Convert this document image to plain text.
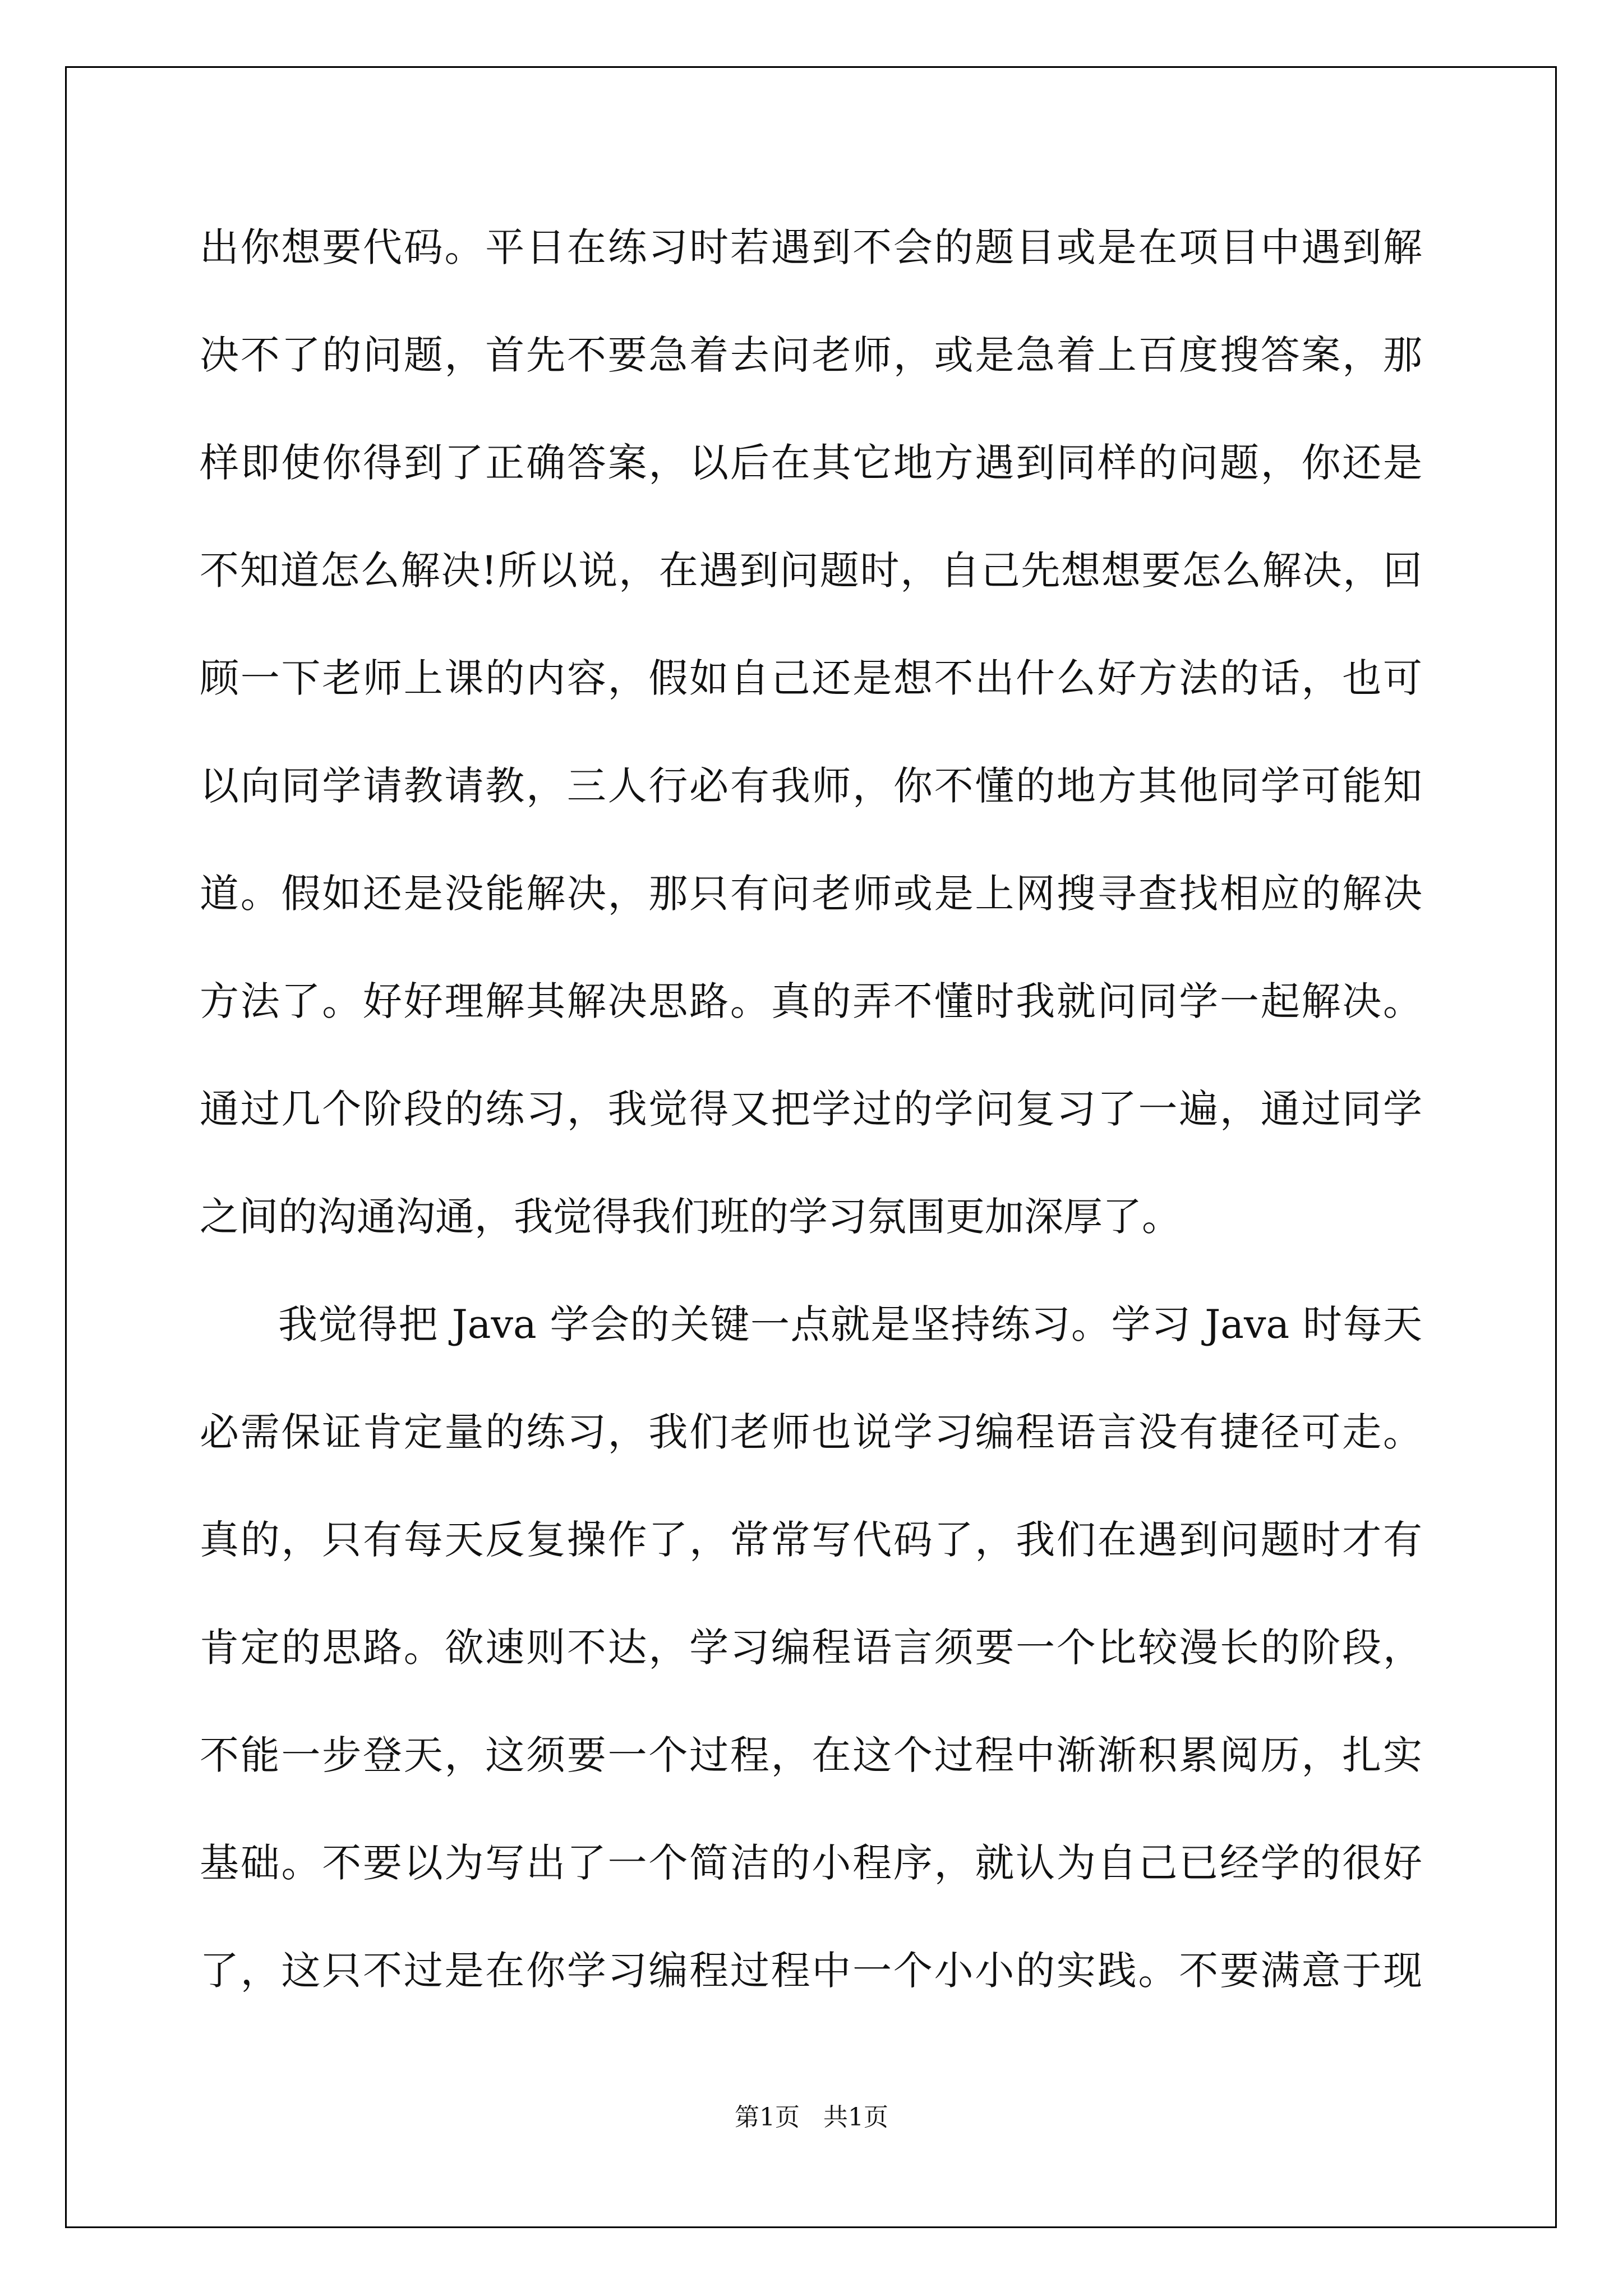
出你想要代码。平日在练习时若遇到不会的题目或是在项目中遇到解
决不了的问题，首先不要急着去问老师，或是急着上百度搜答案，那
样即使你得到了正确答案，以后在其它地方遇到同样的问题，你还是
不知道怎么解决!所以说，在遇到问题时，自己先想想要怎么解决，回
顾一下老师上课的内容，假如自己还是想不出什么好方法的话，也可
以向同学请教请教，三人行必有我师，你不懂的地方其他同学可能知
道。假如还是没能解决，那只有问老师或是上网搜寻查找相应的解决
方法了。好好理解其解决思路。真的弄不懂时我就问同学一起解决。
通过几个阶段的练习，我觉得又把学过的学问复习了一遍，通过同学
之间的沟通沟通，我觉得我们班的学习氛围更加深厚了。
我觉得把 Java 学会的关键一点就是坚持练习。学习 Java 时每天
必需保证肯定量的练习，我们老师也说学习编程语言没有捷径可走。
真的，只有每天反复操作了，常常写代码了，我们在遇到问题时才有
肯定的思路。欲速则不达，学习编程语言须要一个比较漫长的阶段，
不能一步登天，这须要一个过程，在这个过程中渐渐积累阅历，扎实
基础。不要以为写出了一个简洁的小程序，就认为自己已经学的很好
了，这只不过是在你学习编程过程中一个小小的实践。不要满意于现
第1页   共1页
